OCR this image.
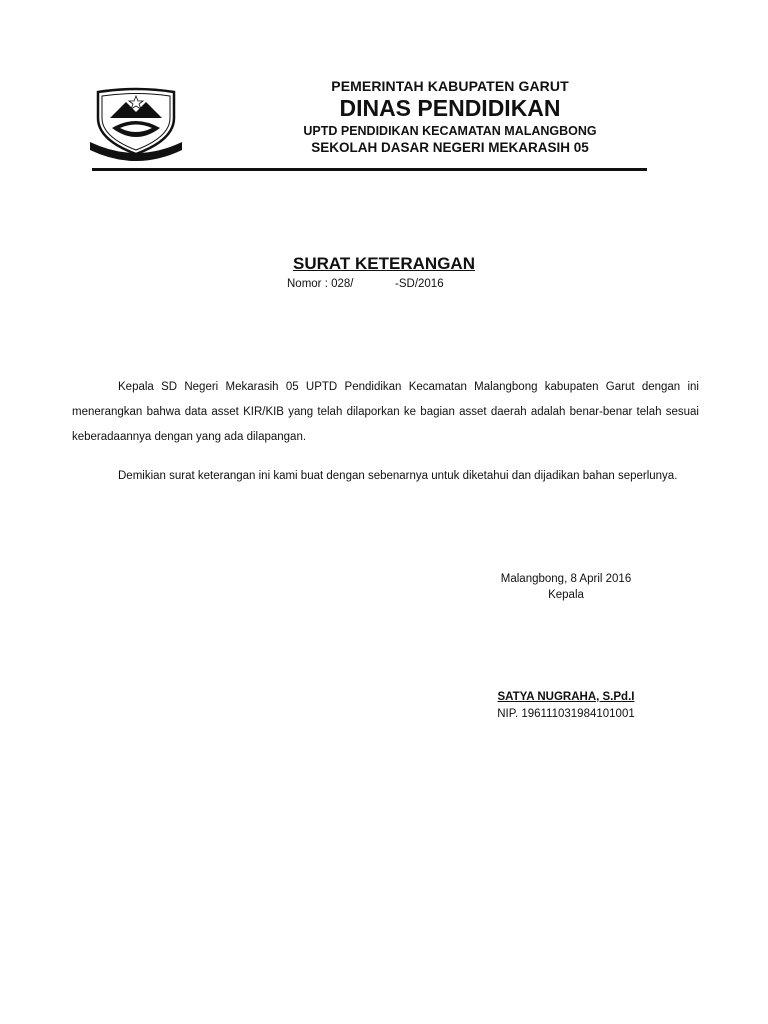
PEMERINTAH KABUPATEN GARUT
DINAS PENDIDIKAN
UPTD PENDIDIKAN KECAMATAN MALANGBONG
SEKOLAH DASAR NEGERI MEKARASIH 05
SURAT KETERANGAN
Nomor : 028/             -SD/2016
Kepala SD Negeri Mekarasih 05 UPTD Pendidikan Kecamatan Malangbong kabupaten Garut dengan ini menerangkan bahwa data asset KIR/KIB yang telah dilaporkan ke bagian asset daerah adalah benar-benar telah sesuai keberadaannya dengan yang ada dilapangan.
Demikian surat keterangan ini kami buat dengan sebenarnya untuk diketahui dan dijadikan bahan seperlunya.
Malangbong, 8 April 2016
Kepala
SATYA NUGRAHA, S.Pd.I
NIP. 196111031984101001
